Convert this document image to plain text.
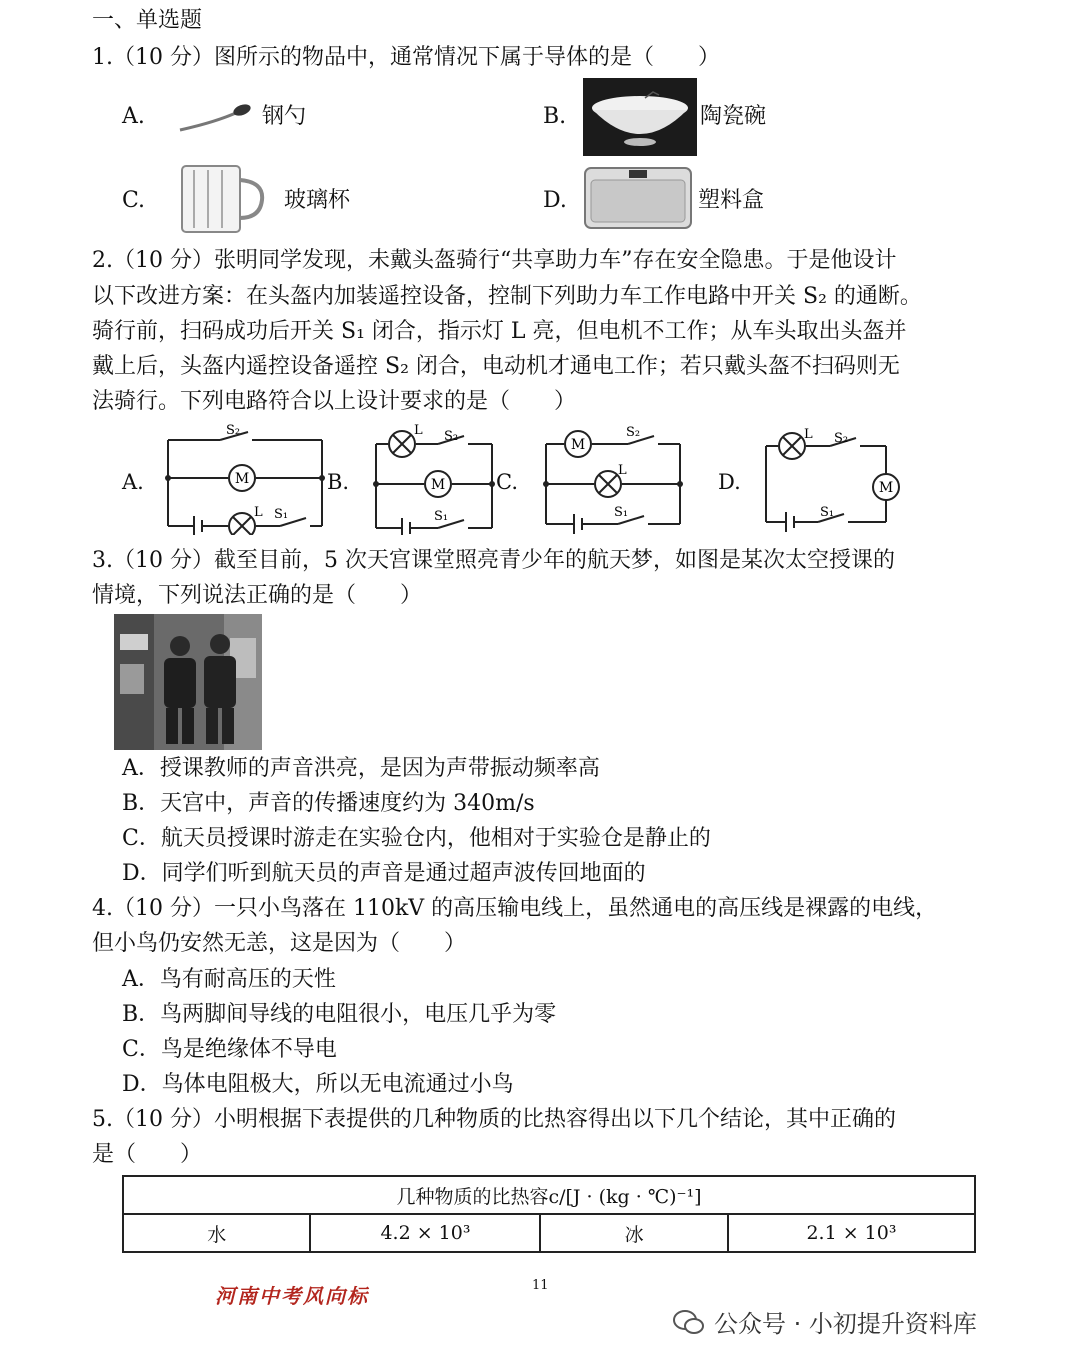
一、单选题
1.（10 分）图所示的物品中，通常情况下属于导体的是（　　）
A.	钢勺	B.	陶瓷碗
C.	玻璃杯	D.	塑料盒
2.（10 分）张明同学发现，未戴头盔骑行“共享助力车”存在安全隐患。于是他设计
以下改进方案：在头盔内加装遥控设备，控制下列助力车工作电路中开关 S₂ 的通断。
骑行前，扫码成功后开关 S₁ 闭合，指示灯 L 亮，但电机不工作；从车头取出头盔并
戴上后，头盔内遥控设备遥控 S₂ 闭合，电动机才通电工作；若只戴头盔不扫码则无
法骑行。下列电路符合以上设计要求的是（　　）
A.	B.	C.	D.
M
S₂
L S₁
M
L S₂
S₁
M
S₂
L
S₁
M
L S₂
S₁
3.（10 分）截至目前，5 次天宫课堂照亮青少年的航天梦，如图是某次太空授课的
情境，下列说法正确的是（　　）
A．授课教师的声音洪亮，是因为声带振动频率高
B．天宫中，声音的传播速度约为 340m/s
C．航天员授课时游走在实验仓内，他相对于实验仓是静止的
D．同学们听到航天员的声音是通过超声波传回地面的
4.（10 分）一只小鸟落在 110kV 的高压输电线上，虽然通电的高压线是裸露的电线，
但小鸟仍安然无恙，这是因为（　　）
A．鸟有耐高压的天性
B．鸟两脚间导线的电阻很小，电压几乎为零
C．鸟是绝缘体不导电
D．鸟体电阻极大，所以无电流通过小鸟
5.（10 分）小明根据下表提供的几种物质的比热容得出以下几个结论，其中正确的
是（　　）
几种物质的比热容c/[J · (kg · ℃)⁻¹]
水	4.2 × 10³	冰	2.1 × 10³
11
河南中考风向标
公众号 · 小初提升资料库
